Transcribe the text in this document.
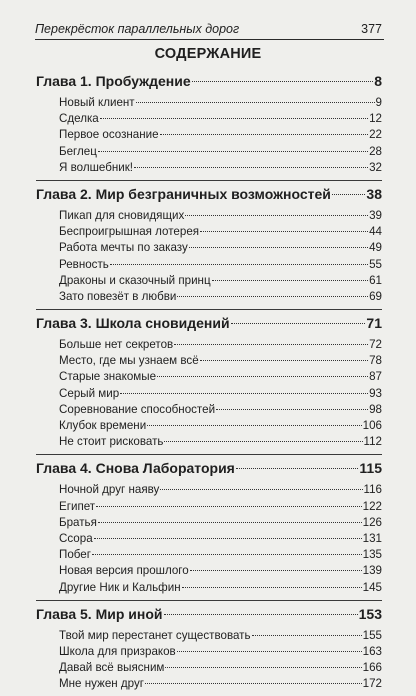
Перекрёсток параллельных дорог	377
СОДЕРЖАНИЕ
Глава 1. Пробуждение	8
Новый клиент	9
Сделка	12
Первое осознание	22
Беглец	28
Я волшебник!	32
Глава 2. Мир безграничных возможностей	38
Пикап для сновидящих	39
Беспроигрышная лотерея	44
Работа мечты по заказу	49
Ревность	55
Драконы и сказочный принц	61
Зато повезёт в любви	69
Глава 3. Школа сновидений	71
Больше нет секретов	72
Место, где мы узнаем всё	78
Старые знакомые	87
Серый мир	93
Соревнование способностей	98
Клубок времени	106
Не стоит рисковать	112
Глава 4. Снова Лаборатория	115
Ночной друг наяву	116
Египет	122
Братья	126
Ссора	131
Побег	135
Новая версия прошлого	139
Другие Ник и Кальфин	145
Глава 5. Мир иной	153
Твой мир перестанет существовать	155
Школа для призраков	163
Давай всё выясним	166
Мне нужен друг	172
